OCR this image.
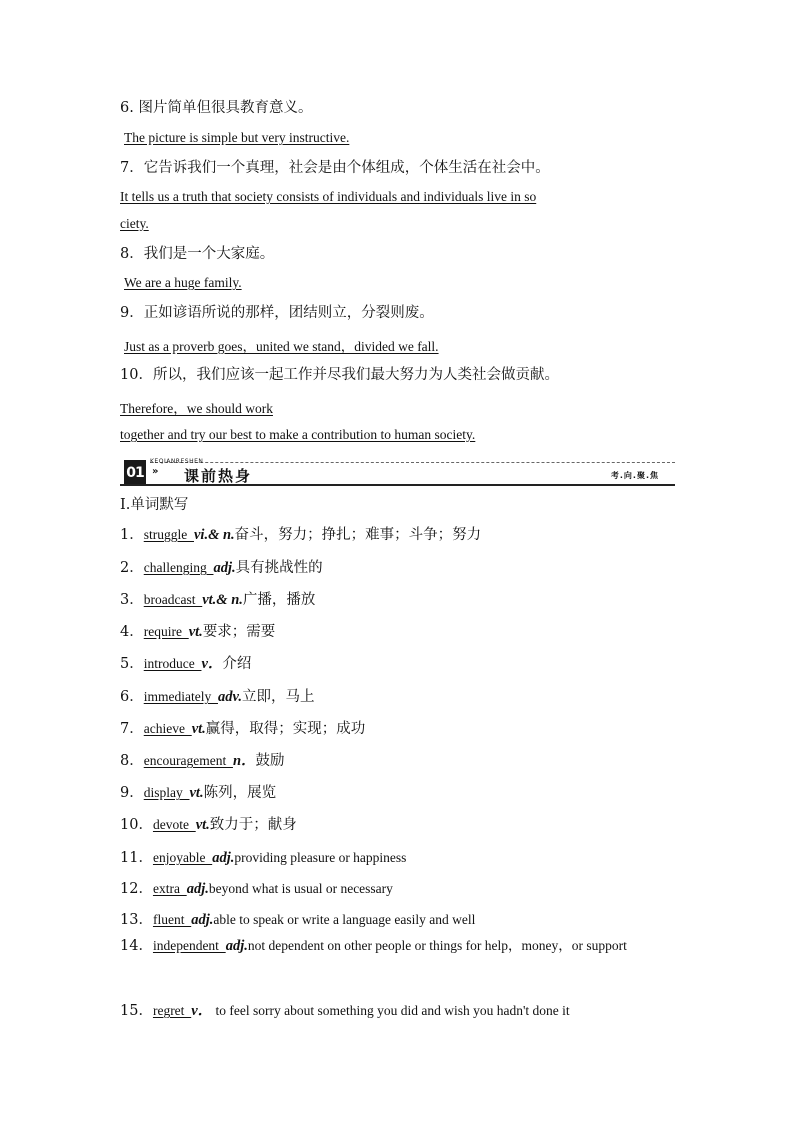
6. 图片简单但很具教育意义。
The picture is simple but very instructive.
7．它告诉我们一个真理，社会是由个体组成，个体生活在社会中。
It tells us a truth that society consists of individuals and individuals live in so
ciety.
8．我们是一个大家庭。
We are a huge family.
9．正如谚语所说的那样，团结则立，分裂则废。
Just as a proverb goes，united we stand，divided we fall.
10．所以，我们应该一起工作并尽我们最大努力为人类社会做贡献。
Therefore，we should work
together and try our best to make a contribution to human society.
01
KEQIANRESHEN
» 课前热身	考.向.聚.焦
Ⅰ.单词默写
1．struggle  vi.& n.奋斗，努力；挣扎；难事；斗争；努力
2．challenging  adj.具有挑战性的
3．broadcast  vt.& n.广播，播放
4．require  vt.要求；需要
5．introduce  v．介绍
6．immediately  adv.立即，马上
7．achieve  vt.赢得，取得；实现；成功
8．encouragement  n．鼓励
9．display  vt.陈列，展览
10．devote  vt.致力于；献身
11．enjoyable  adj.providing pleasure or happiness
12．extra  adj.beyond what is usual or necessary
13．fluent  adj.able to speak or write a language easily and well
14．independent  adj.not dependent on other people or things for help，money，or support
15．regret  v． to feel sorry about something you did and wish you hadn't done it
